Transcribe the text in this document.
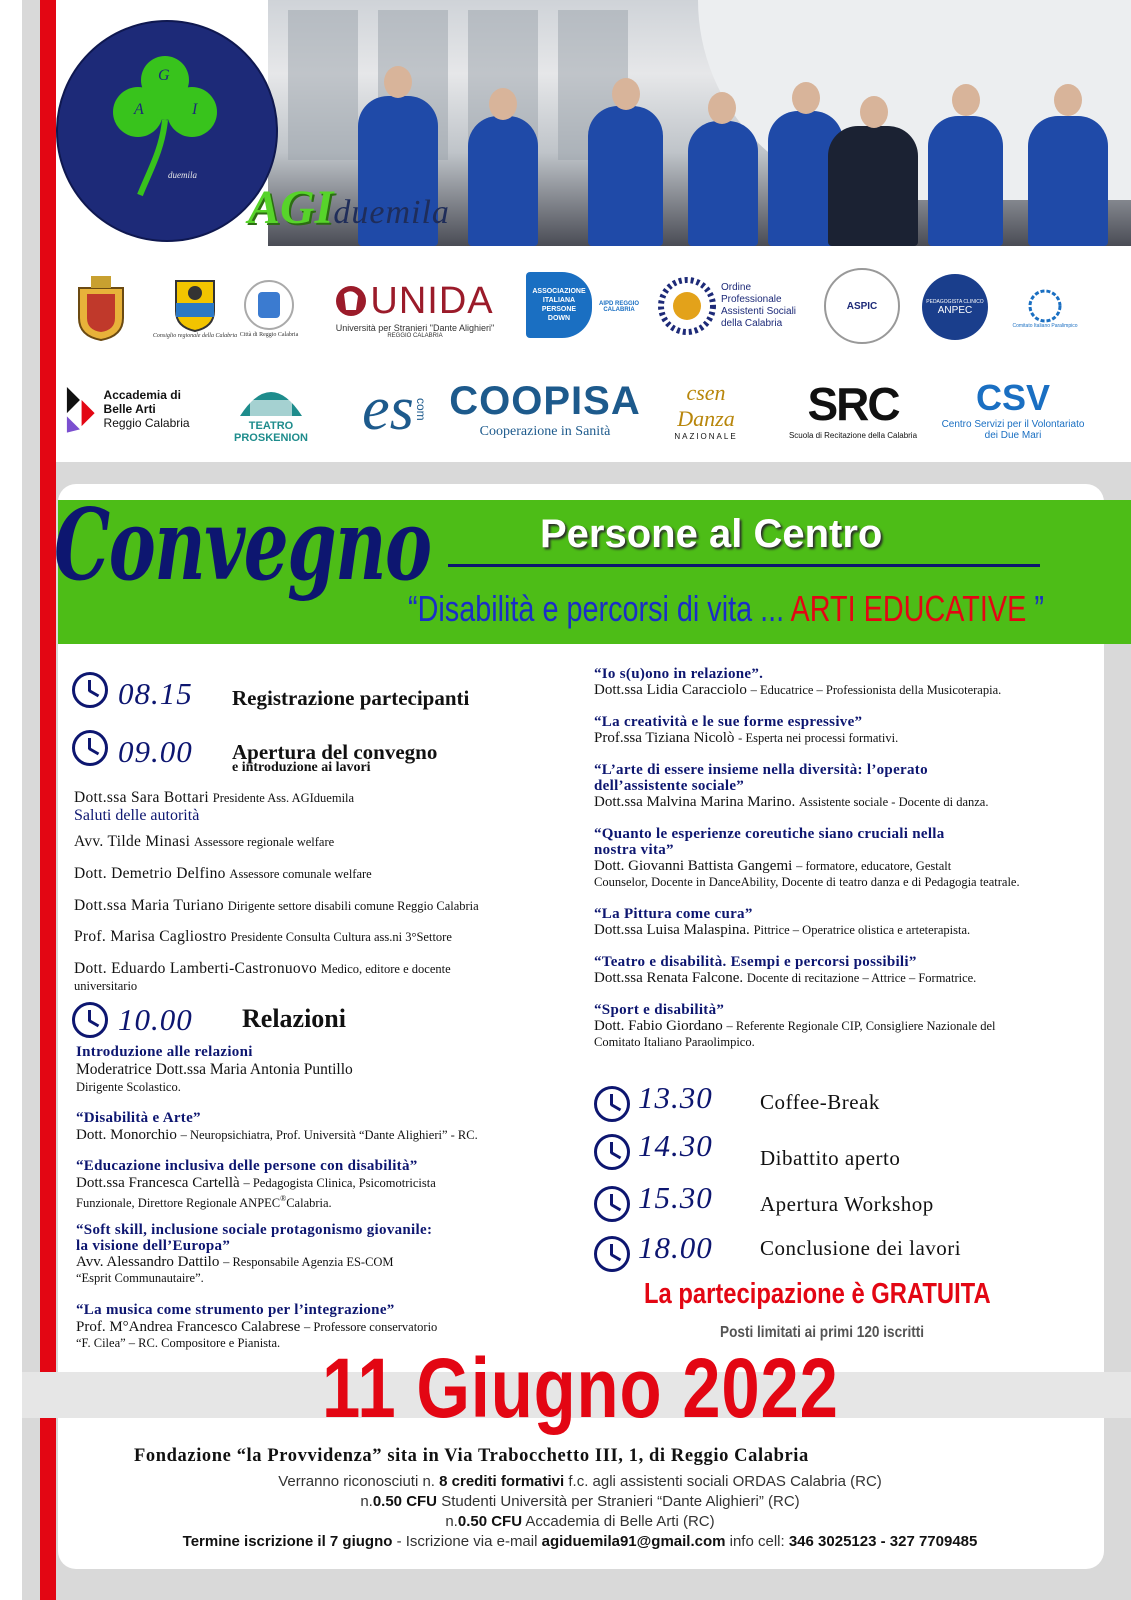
G
A	I
duemila
AGIduemila
Consiglio regionale della Calabria Città di Reggio Calabria
UNIDA
Università per Stranieri "Dante Alighieri"
REGGIO CALABRIA
ASSOCIAZIONE ITALIANA PERSONE DOWN
AIPD REGGIO CALABRIA
Ordine Professionale Assistenti Sociali della Calabria
ASPIC	PEDAGOGISTA CLINICO
ANPEC
Comitato Italiano Paralimpico
Accademia di Belle Arti
Reggio Calabria	TEATRO PROSKENION es com COOPISA
Cooperazione in Sanità
csen Danza
NAZIONALE
SRC
Scuola di Recitazione della Calabria
CSV
Centro Servizi per il Volontariato dei Due Mari
Convegno	Persone al Centro
“Disabilità e percorsi di vita ... ARTI EDUCATIVE ”
08.15 Registrazione partecipanti
09.00 Apertura del convegno
e introduzione ai lavori
Dott.ssa Sara Bottari Presidente Ass. AGIduemila
Saluti delle autorità
Avv. Tilde Minasi Assessore regionale welfare
Dott. Demetrio Delfino Assessore comunale welfare
Dott.ssa Maria Turiano Dirigente settore disabili comune Reggio Calabria
Prof. Marisa Cagliostro Presidente Consulta Cultura ass.ni 3°Settore
Dott. Eduardo Lamberti-Castronuovo Medico, editore e docente
universitario
10.00 Relazioni
Introduzione alle relazioni
Moderatrice Dott.ssa Maria Antonia Puntillo
Dirigente Scolastico.
“Disabilità e Arte”
Dott. Monorchio – Neuropsichiatra, Prof. Università “Dante Alighieri” - RC.
“Educazione inclusiva delle persone con disabilità”
Dott.ssa Francesca Cartellà – Pedagogista Clinica, Psicomotricista
Funzionale, Direttore Regionale ANPEC®Calabria.
“Soft skill, inclusione sociale protagonismo giovanile:
la visione dell’Europa”
Avv. Alessandro Dattilo – Responsabile Agenzia ES-COM
“Esprit Communautaire”.
“La musica come strumento per l’integrazione”
Prof. M°Andrea Francesco Calabrese – Professore conservatorio
“F. Cilea” – RC. Compositore e Pianista.
“Io s(u)ono in relazione”.
Dott.ssa Lidia Caracciolo – Educatrice – Professionista della Musicoterapia.
“La creatività e le sue forme espressive”
Prof.ssa Tiziana Nicolò - Esperta nei processi formativi.
“L’arte di essere insieme nella diversità: l’operato
dell’assistente sociale”
Dott.ssa Malvina Marina Marino. Assistente sociale - Docente di danza.
“Quanto le esperienze coreutiche siano cruciali nella
nostra vita”
Dott. Giovanni Battista Gangemi – formatore, educatore, Gestalt
Counselor, Docente in DanceAbility, Docente di teatro danza e di Pedagogia teatrale.
“La Pittura come cura”
Dott.ssa Luisa Malaspina. Pittrice – Operatrice olistica e arteterapista.
“Teatro e disabilità. Esempi e percorsi possibili”
Dott.ssa Renata Falcone. Docente di recitazione – Attrice – Formatrice.
“Sport e disabilità”
Dott. Fabio Giordano – Referente Regionale CIP, Consigliere Nazionale del
Comitato Italiano Paraolimpico.
13.30 Coffee-Break
14.30 Dibattito aperto
15.30 Apertura Workshop
18.00 Conclusione dei lavori
La partecipazione è GRATUITA
Posti limitati ai primi 120 iscritti
11 Giugno 2022
Fondazione “la Provvidenza” sita in Via Trabocchetto III, 1, di Reggio Calabria
Verranno riconosciuti n. 8 crediti formativi f.c. agli assistenti sociali ORDAS Calabria (RC)
n.0.50 CFU Studenti Università per Stranieri “Dante Alighieri” (RC)
n.0.50 CFU Accademia di Belle Arti (RC)
Termine iscrizione il 7 giugno - Iscrizione via e-mail agiduemila91@gmail.com info cell: 346 3025123 - 327 7709485
